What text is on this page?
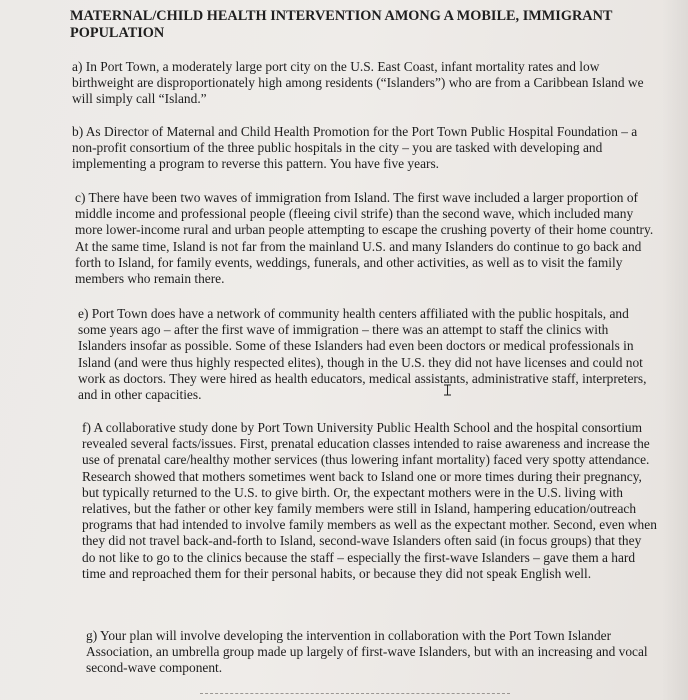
MATERNAL/CHILD HEALTH INTERVENTION AMONG A MOBILE, IMMIGRANT POPULATION

a) In Port Town, a moderately large port city on the U.S. East Coast, infant mortality rates and low birthweight are disproportionately high among residents (“Islanders”) who are from a Caribbean Island we will simply call “Island.”

b) As Director of Maternal and Child Health Promotion for the Port Town Public Hospital Foundation – a non-profit consortium of the three public hospitals in the city – you are tasked with developing and implementing a program to reverse this pattern. You have five years.

c) There have been two waves of immigration from Island. The first wave included a larger proportion of middle income and professional people (fleeing civil strife) than the second wave, which included many more lower-income rural and urban people attempting to escape the crushing poverty of their home country. At the same time, Island is not far from the mainland U.S. and many Islanders do continue to go back and forth to Island, for family events, weddings, funerals, and other activities, as well as to visit the family members who remain there.

e) Port Town does have a network of community health centers affiliated with the public hospitals, and some years ago – after the first wave of immigration – there was an attempt to staff the clinics with Islanders insofar as possible. Some of these Islanders had even been doctors or medical professionals in Island (and were thus highly respected elites), though in the U.S. they did not have licenses and could not work as doctors. They were hired as health educators, medical assistants, administrative staff, interpreters, and in other capacities.

f) A collaborative study done by Port Town University Public Health School and the hospital consortium revealed several facts/issues. First, prenatal education classes intended to raise awareness and increase the use of prenatal care/healthy mother services (thus lowering infant mortality) faced very spotty attendance. Research showed that mothers sometimes went back to Island one or more times during their pregnancy, but typically returned to the U.S. to give birth. Or, the expectant mothers were in the U.S. living with relatives, but the father or other key family members were still in Island, hampering education/outreach programs that had intended to involve family members as well as the expectant mother. Second, even when they did not travel back-and-forth to Island, second-wave Islanders often said (in focus groups) that they do not like to go to the clinics because the staff – especially the first-wave Islanders – gave them a hard time and reproached them for their personal habits, or because they did not speak English well.

g) Your plan will involve developing the intervention in collaboration with the Port Town Islander Association, an umbrella group made up largely of first-wave Islanders, but with an increasing and vocal second-wave component.
